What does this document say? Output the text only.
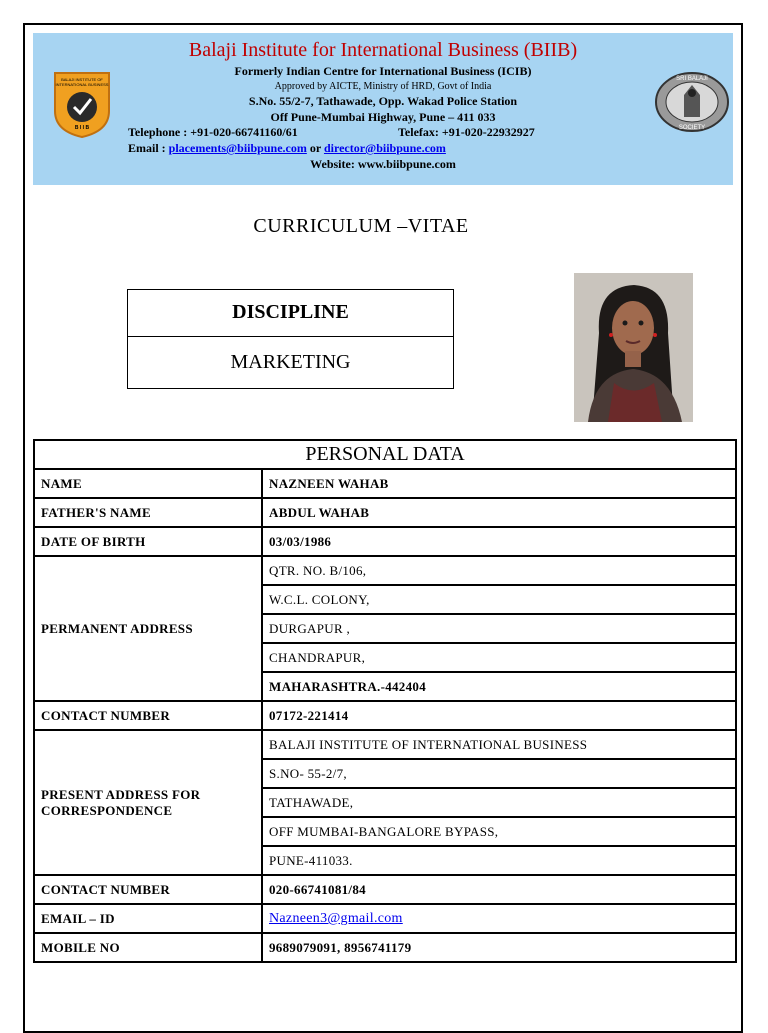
BALAJI INSTITUTE OF
INTERNATIONAL BUSINESS
B I I B
SRI BALAJI
SOCIETY
Balaji Institute for International Business (BIIB)
Formerly Indian Centre for International Business (ICIB)
Approved by AICTE, Ministry of HRD, Govt of India
S.No. 55/2-7, Tathawade, Opp. Wakad Police Station
Off Pune-Mumbai Highway, Pune – 411 033
Telephone : +91-020-66741160/61	Telefax: +91-020-22932927
Email : placements@biibpune.com or director@biibpune.com
Website: www.biibpune.com
CURRICULUM –VITAE
DISCIPLINE
MARKETING
PERSONAL DATA	
NAME	NAZNEEN WAHAB
FATHER'S NAME	ABDUL WAHAB
DATE OF BIRTH	03/03/1986
PERMANENT ADDRESS	QTR. NO. B/106,
	W.C.L. COLONY,
	DURGAPUR ,
	CHANDRAPUR,
	MAHARASHTRA.-442404
CONTACT NUMBER	07172-221414
PRESENT ADDRESS FOR
CORRESPONDENCE	BALAJI INSTITUTE OF INTERNATIONAL BUSINESS
	S.NO- 55-2/7,
	TATHAWADE,
	OFF MUMBAI-BANGALORE BYPASS,
	PUNE-411033.
CONTACT NUMBER	020-66741081/84
EMAIL – ID	Nazneen3@gmail.com
MOBILE NO	9689079091, 8956741179
